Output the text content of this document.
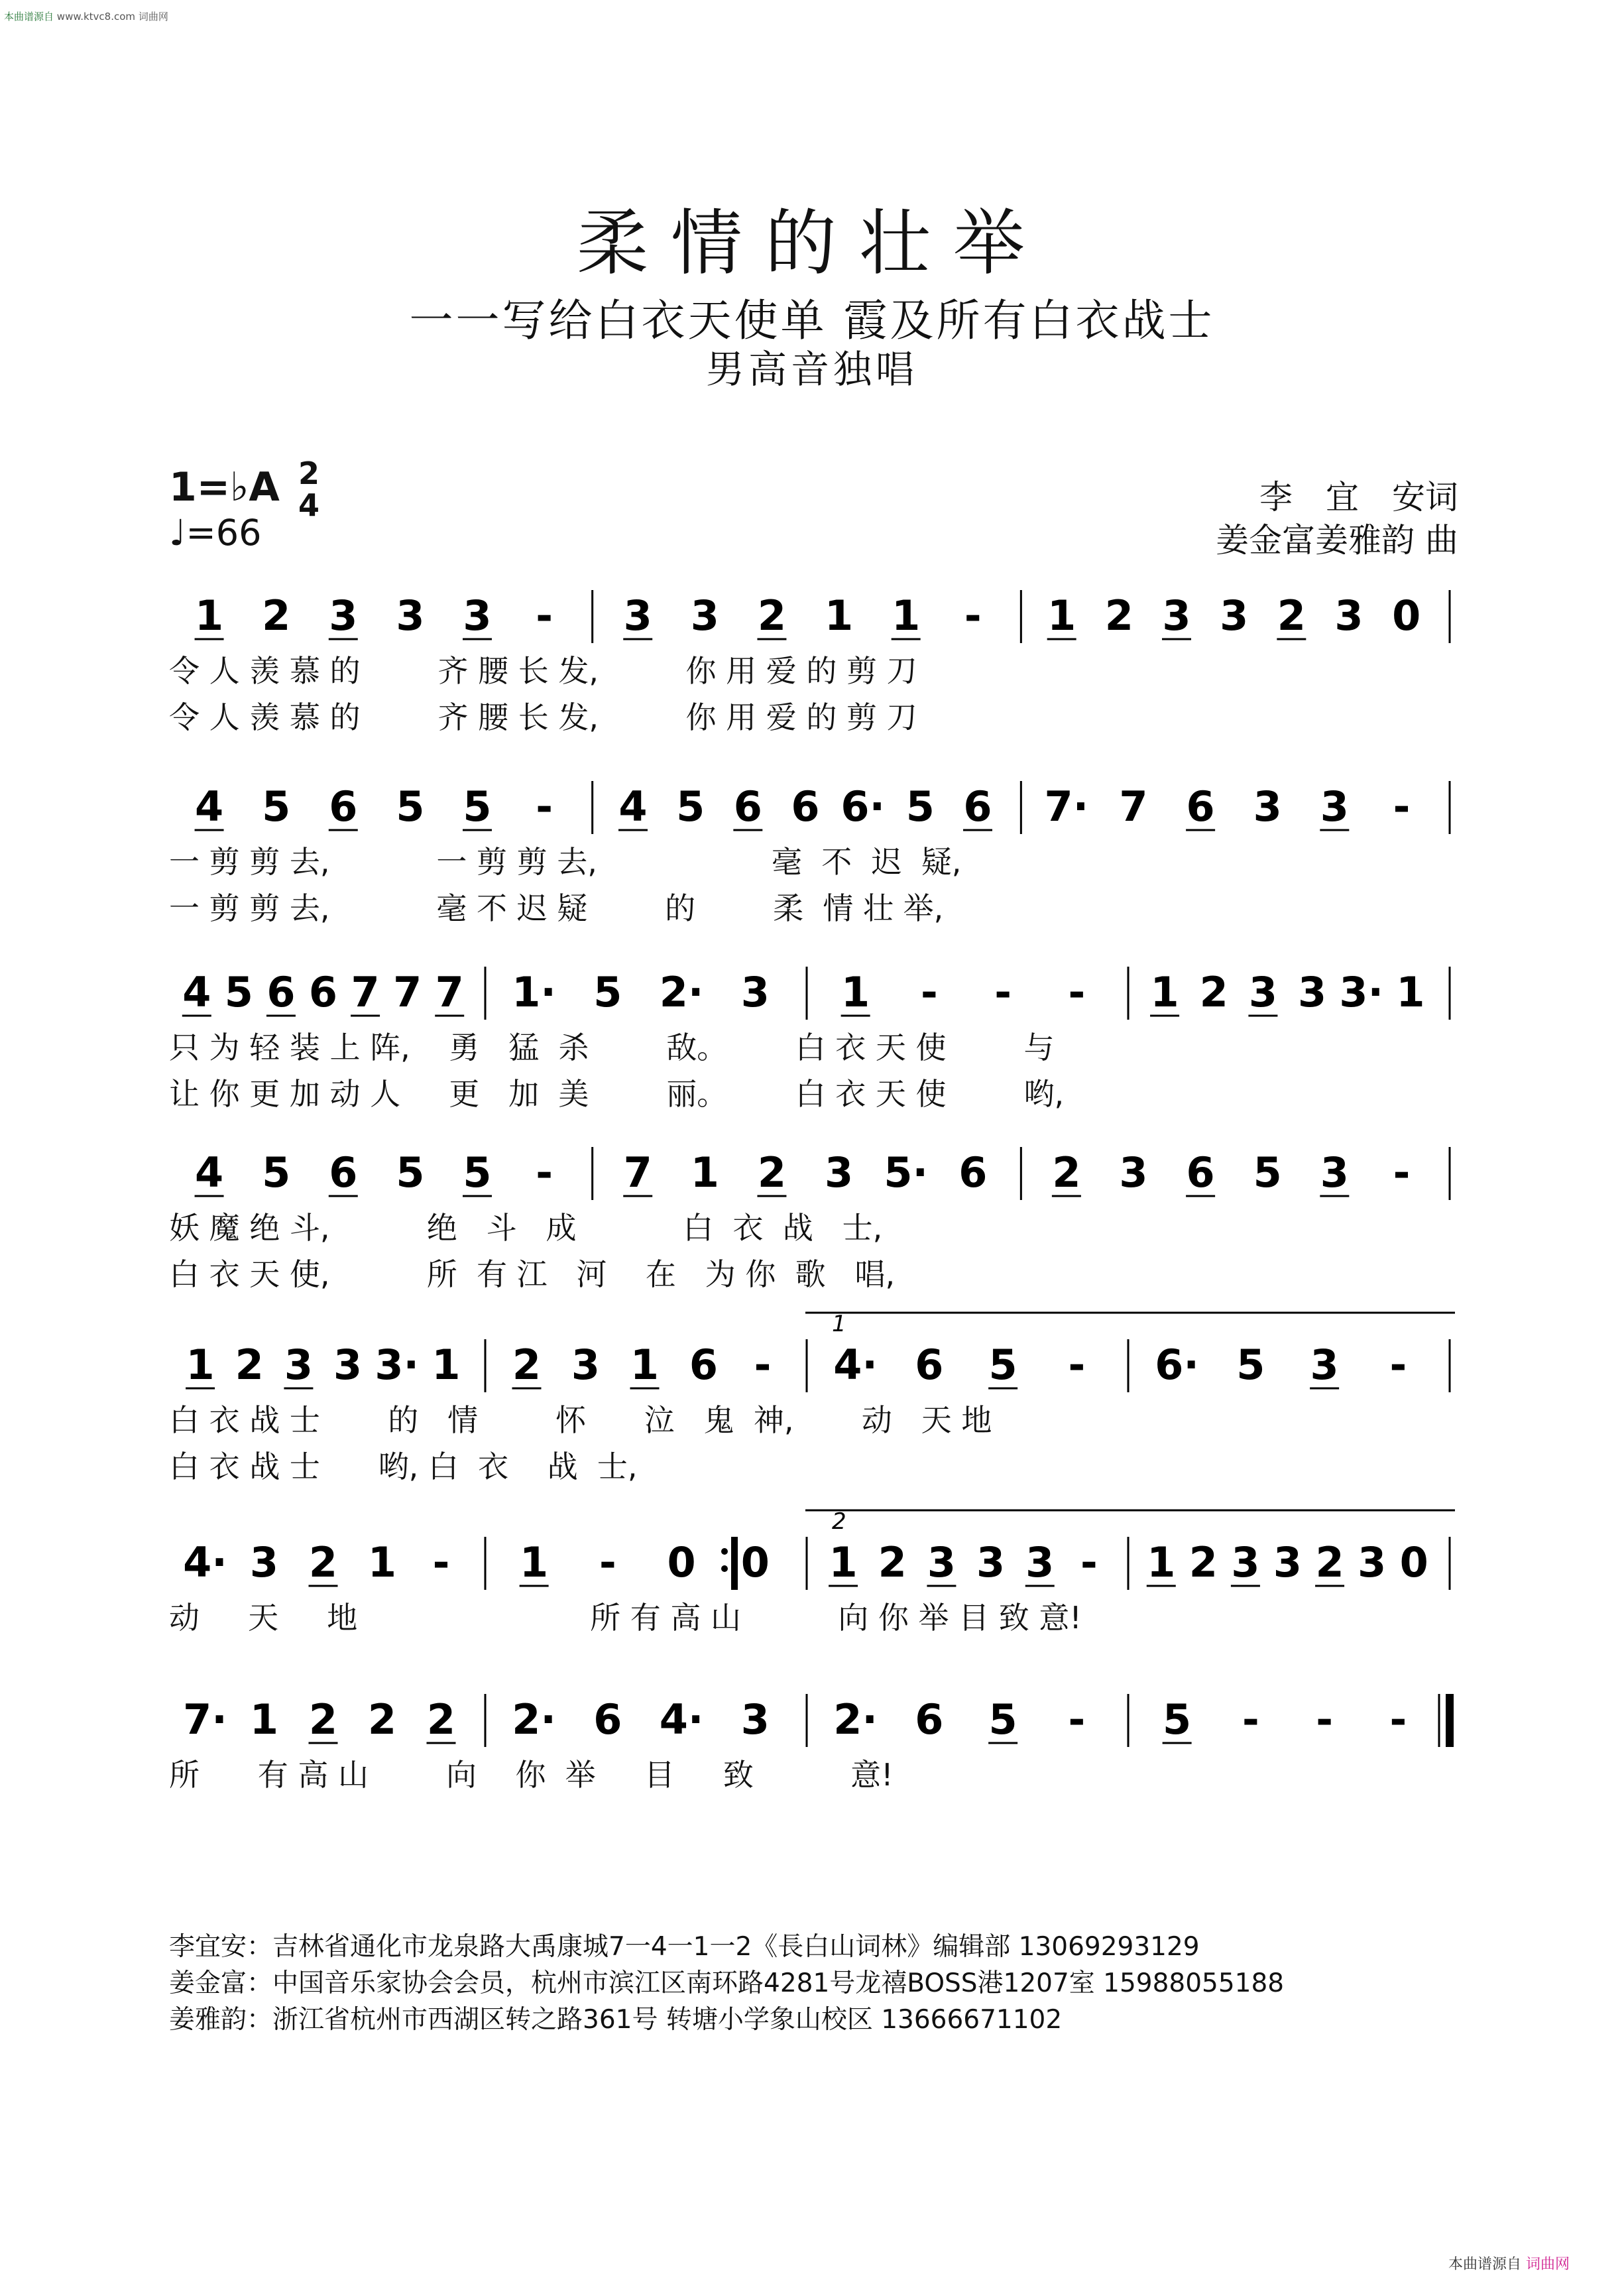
本曲谱源自 www.ktvc8.com 词曲网
柔情的壮举
一一写给白衣天使单 霞及所有白衣战士
男高音独唱
1=♭A 2
4
♩=66
李　宜　安词
姜金富姜雅韵 曲
1 2 3 3 3 - 3 3 2 1 1 - 1 2 3 3 2 3 0
4 5 6 5 5 - 4 5 6 6 6· 5 6 7· 7 6 3 3 -
4 5 6 6 7 7 7 1· 5 2· 3 1 - - - 1 2 3 3 3· 1
4 5 6 5 5 - 7 1 2 3 5· 6 2 3 6 5 3 -
1
1 2 3 3 3· 1 2 3 1 6 - 4· 6 5 - 6· 5 3 -
2
4· 3 2 1 - 1 - 0 0 1 2 3 3 3 - 1 2 3 3 2 3 0
7· 1 2 2 2 2· 6 4· 3 2· 6 5 - 5 - - -
令 人 羡 慕 的        齐 腰 长 发,         你 用 爱 的 剪 刀
令 人 羡 慕 的        齐 腰 长 发,         你 用 爱 的 剪 刀
一 剪 剪 去,           一 剪 剪 去,                  毫  不  迟  疑,
一 剪 剪 去,           毫 不 迟 疑        的        柔  情 壮 举,
只 为 轻 装 上 阵,    勇   猛  杀        敌。       白 衣 天 使        与
让 你 更 加 动 人     更   加  美        丽。       白 衣 天 使        哟,
妖 魔 绝 斗,          绝   斗   成           白  衣  战   士,
白 衣 天 使,          所  有 江   河    在   为 你  歌   唱,
白 衣 战 士       的   情        怀      泣   鬼  神,       动   天 地
白 衣 战 士      哟, 白  衣    战  士,
动     天     地                        所 有 高 山          向 你 举 目 致 意!
所      有 高 山        向    你  举     目     致          意!
李宜安：吉林省通化市龙泉路大禹康城7一4一1一2《長白山词林》编辑部 13069293129
姜金富：中国音乐家协会会员，杭州市滨江区南环路4281号龙禧BOSS港1207室 15988055188
姜雅韵：浙江省杭州市西湖区转之路361号 转塘小学象山校区 13666671102
本曲谱源自 词曲网
